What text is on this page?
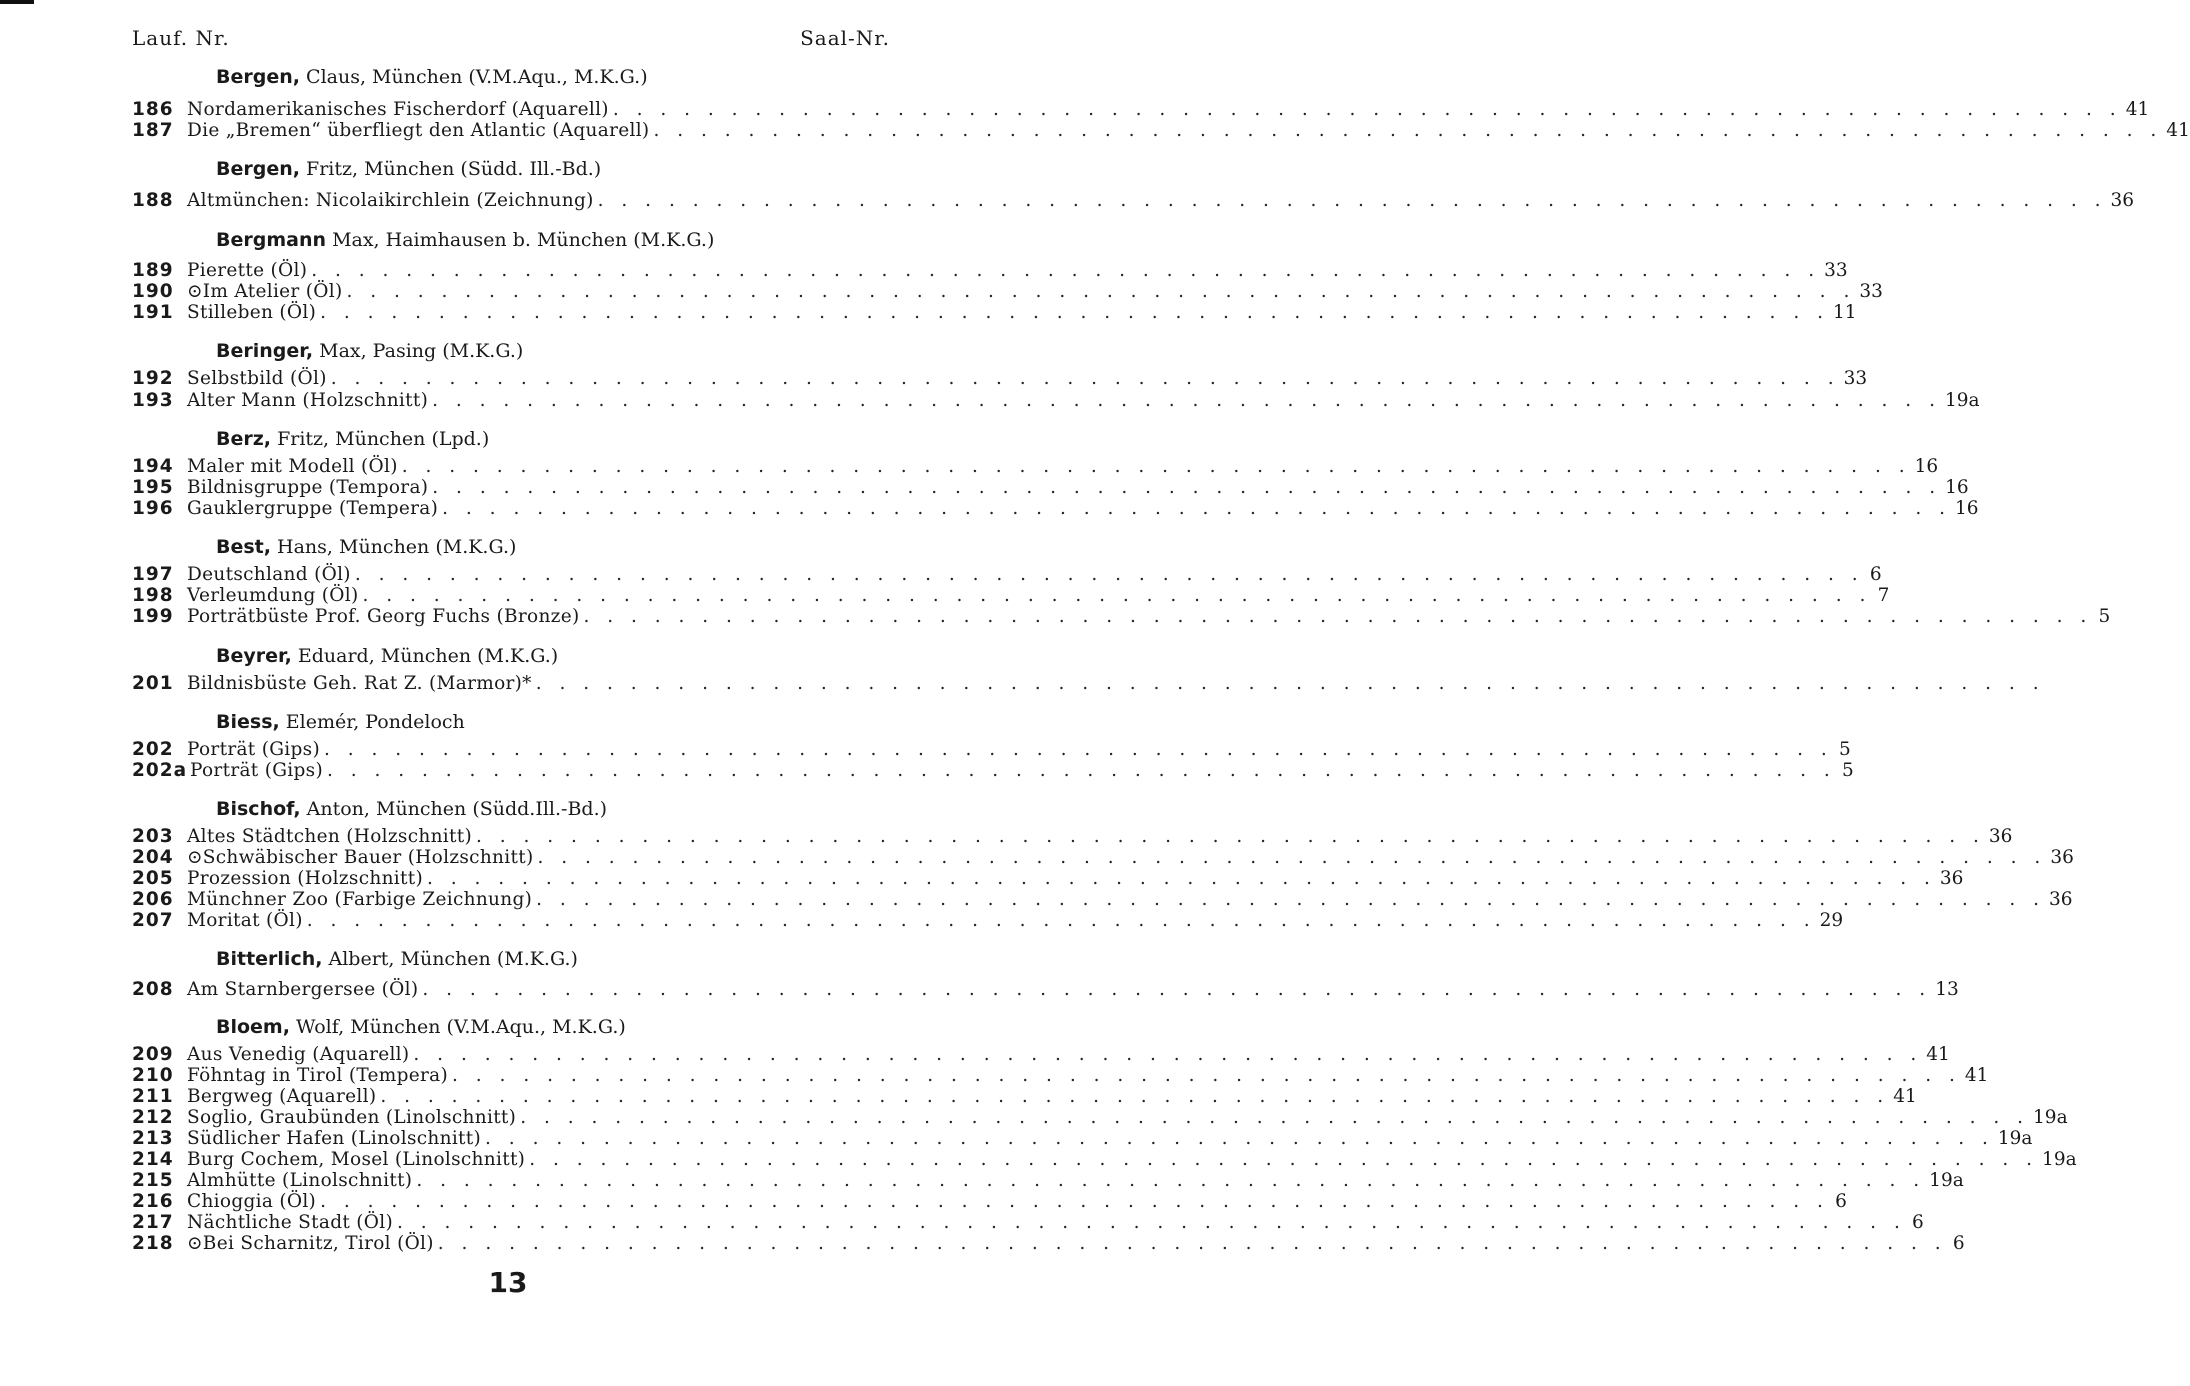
Lauf. Nr.	Saal-Nr.
Bergen, Claus, München (V.M.Aqu., M.K.G.)
186 Nordamerikanisches Fischerdorf (Aquarell) . . . . . . . . . . . . . . . . . . . . . . . . . . . . . . . . . . . . . . . . . . . . . . . . . . . . . . . . . . . . . . . . 41
187 Die „Bremen“ überfliegt den Atlantic (Aquarell) . . . . . . . . . . . . . . . . . . . . . . . . . . . . . . . . . . . . . . . . . . . . . . . . . . . . . . . . . . . . . . . . 41
Bergen, Fritz, München (Südd. Ill.-Bd.)
188 Altmünchen: Nicolaikirchlein (Zeichnung) . . . . . . . . . . . . . . . . . . . . . . . . . . . . . . . . . . . . . . . . . . . . . . . . . . . . . . . . . . . . . . . . 36
Bergmann Max, Haimhausen b. München (M.K.G.)
189 Pierette (Öl) . . . . . . . . . . . . . . . . . . . . . . . . . . . . . . . . . . . . . . . . . . . . . . . . . . . . . . . . . . . . . . . . 33
190 ⊙Im Atelier (Öl) . . . . . . . . . . . . . . . . . . . . . . . . . . . . . . . . . . . . . . . . . . . . . . . . . . . . . . . . . . . . . . . . 33
191 Stilleben (Öl) . . . . . . . . . . . . . . . . . . . . . . . . . . . . . . . . . . . . . . . . . . . . . . . . . . . . . . . . . . . . . . . . 11
Beringer, Max, Pasing (M.K.G.)
192 Selbstbild (Öl) . . . . . . . . . . . . . . . . . . . . . . . . . . . . . . . . . . . . . . . . . . . . . . . . . . . . . . . . . . . . . . . . 33
193 Alter Mann (Holzschnitt) . . . . . . . . . . . . . . . . . . . . . . . . . . . . . . . . . . . . . . . . . . . . . . . . . . . . . . . . . . . . . . . . 19a
Berz, Fritz, München (Lpd.)
194 Maler mit Modell (Öl) . . . . . . . . . . . . . . . . . . . . . . . . . . . . . . . . . . . . . . . . . . . . . . . . . . . . . . . . . . . . . . . . 16
195 Bildnisgruppe (Tempora) . . . . . . . . . . . . . . . . . . . . . . . . . . . . . . . . . . . . . . . . . . . . . . . . . . . . . . . . . . . . . . . . 16
196 Gauklergruppe (Tempera) . . . . . . . . . . . . . . . . . . . . . . . . . . . . . . . . . . . . . . . . . . . . . . . . . . . . . . . . . . . . . . . . 16
Best, Hans, München (M.K.G.)
197 Deutschland (Öl) . . . . . . . . . . . . . . . . . . . . . . . . . . . . . . . . . . . . . . . . . . . . . . . . . . . . . . . . . . . . . . . . 6
198 Verleumdung (Öl) . . . . . . . . . . . . . . . . . . . . . . . . . . . . . . . . . . . . . . . . . . . . . . . . . . . . . . . . . . . . . . . . 7
199 Porträtbüste Prof. Georg Fuchs (Bronze) . . . . . . . . . . . . . . . . . . . . . . . . . . . . . . . . . . . . . . . . . . . . . . . . . . . . . . . . . . . . . . . . 5
Beyrer, Eduard, München (M.K.G.)
201 Bildnisbüste Geh. Rat Z. (Marmor)* . . . . . . . . . . . . . . . . . . . . . . . . . . . . . . . . . . . . . . . . . . . . . . . . . . . . . . . . . . . . . . . .
Biess, Elemér, Pondeloch
202 Porträt (Gips) . . . . . . . . . . . . . . . . . . . . . . . . . . . . . . . . . . . . . . . . . . . . . . . . . . . . . . . . . . . . . . . . 5
202a Porträt (Gips) . . . . . . . . . . . . . . . . . . . . . . . . . . . . . . . . . . . . . . . . . . . . . . . . . . . . . . . . . . . . . . . . 5
Bischof, Anton, München (Südd.Ill.-Bd.)
203 Altes Städtchen (Holzschnitt) . . . . . . . . . . . . . . . . . . . . . . . . . . . . . . . . . . . . . . . . . . . . . . . . . . . . . . . . . . . . . . . . 36
204 ⊙Schwäbischer Bauer (Holzschnitt) . . . . . . . . . . . . . . . . . . . . . . . . . . . . . . . . . . . . . . . . . . . . . . . . . . . . . . . . . . . . . . . . 36
205 Prozession (Holzschnitt) . . . . . . . . . . . . . . . . . . . . . . . . . . . . . . . . . . . . . . . . . . . . . . . . . . . . . . . . . . . . . . . . 36
206 Münchner Zoo (Farbige Zeichnung) . . . . . . . . . . . . . . . . . . . . . . . . . . . . . . . . . . . . . . . . . . . . . . . . . . . . . . . . . . . . . . . . 36
207 Moritat (Öl) . . . . . . . . . . . . . . . . . . . . . . . . . . . . . . . . . . . . . . . . . . . . . . . . . . . . . . . . . . . . . . . . 29
Bitterlich, Albert, München (M.K.G.)
208 Am Starnbergersee (Öl) . . . . . . . . . . . . . . . . . . . . . . . . . . . . . . . . . . . . . . . . . . . . . . . . . . . . . . . . . . . . . . . . 13
Bloem, Wolf, München (V.M.Aqu., M.K.G.)
209 Aus Venedig (Aquarell) . . . . . . . . . . . . . . . . . . . . . . . . . . . . . . . . . . . . . . . . . . . . . . . . . . . . . . . . . . . . . . . . 41
210 Föhntag in Tirol (Tempera) . . . . . . . . . . . . . . . . . . . . . . . . . . . . . . . . . . . . . . . . . . . . . . . . . . . . . . . . . . . . . . . . 41
211 Bergweg (Aquarell) . . . . . . . . . . . . . . . . . . . . . . . . . . . . . . . . . . . . . . . . . . . . . . . . . . . . . . . . . . . . . . . . 41
212 Soglio, Graubünden (Linolschnitt) . . . . . . . . . . . . . . . . . . . . . . . . . . . . . . . . . . . . . . . . . . . . . . . . . . . . . . . . . . . . . . . . 19a
213 Südlicher Hafen (Linolschnitt) . . . . . . . . . . . . . . . . . . . . . . . . . . . . . . . . . . . . . . . . . . . . . . . . . . . . . . . . . . . . . . . . 19a
214 Burg Cochem, Mosel (Linolschnitt) . . . . . . . . . . . . . . . . . . . . . . . . . . . . . . . . . . . . . . . . . . . . . . . . . . . . . . . . . . . . . . . . 19a
215 Almhütte (Linolschnitt) . . . . . . . . . . . . . . . . . . . . . . . . . . . . . . . . . . . . . . . . . . . . . . . . . . . . . . . . . . . . . . . . 19a
216 Chioggia (Öl) . . . . . . . . . . . . . . . . . . . . . . . . . . . . . . . . . . . . . . . . . . . . . . . . . . . . . . . . . . . . . . . . 6
217 Nächtliche Stadt (Öl) . . . . . . . . . . . . . . . . . . . . . . . . . . . . . . . . . . . . . . . . . . . . . . . . . . . . . . . . . . . . . . . . 6
218 ⊙Bei Scharnitz, Tirol (Öl) . . . . . . . . . . . . . . . . . . . . . . . . . . . . . . . . . . . . . . . . . . . . . . . . . . . . . . . . . . . . . . . . 6
13
